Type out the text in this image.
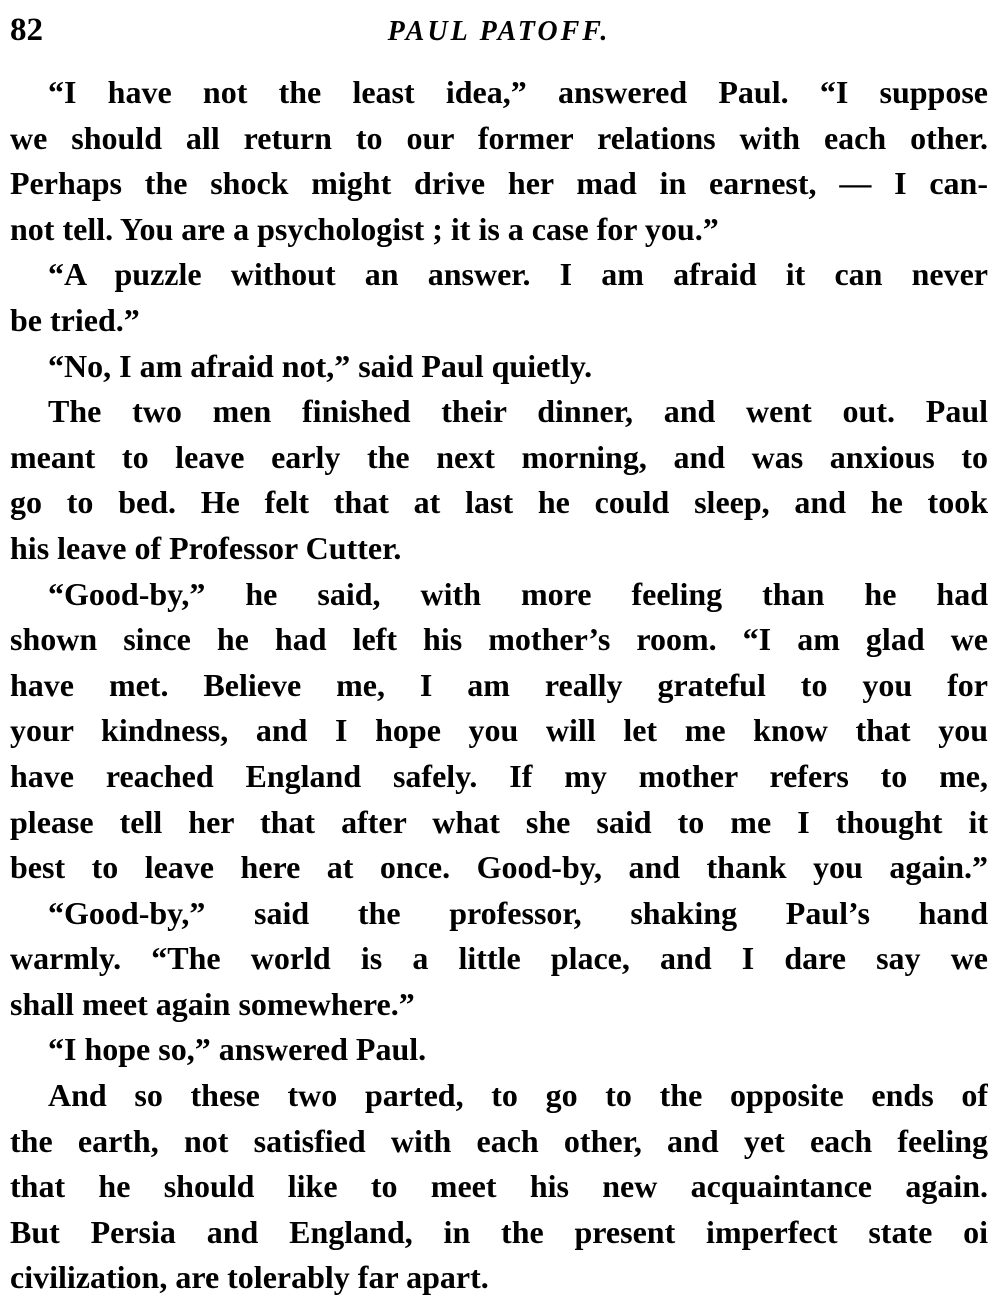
82	PAUL PATOFF.
“I have not the least idea,” answered Paul. “I suppose
we should all return to our former relations with each other.
Perhaps the shock might drive her mad in earnest, — I can-
not tell. You are a psychologist ; it is a case for you.”
“A puzzle without an answer. I am afraid it can never
be tried.”
“No, I am afraid not,” said Paul quietly.
The two men finished their dinner, and went out. Paul
meant to leave early the next morning, and was anxious to
go to bed. He felt that at last he could sleep, and he took
his leave of Professor Cutter.
“Good-by,” he said, with more feeling than he had
shown since he had left his mother’s room. “I am glad we
have met. Believe me, I am really grateful to you for
your kindness, and I hope you will let me know that you
have reached England safely. If my mother refers to me,
please tell her that after what she said to me I thought it
best to leave here at once. Good-by, and thank you again.”
“Good-by,” said the professor, shaking Paul’s hand
warmly. “The world is a little place, and I dare say we
shall meet again somewhere.”
“I hope so,” answered Paul.
And so these two parted, to go to the opposite ends of
the earth, not satisfied with each other, and yet each feeling
that he should like to meet his new acquaintance again.
But Persia and England, in the present imperfect state oi
civilization, are tolerably far apart.
